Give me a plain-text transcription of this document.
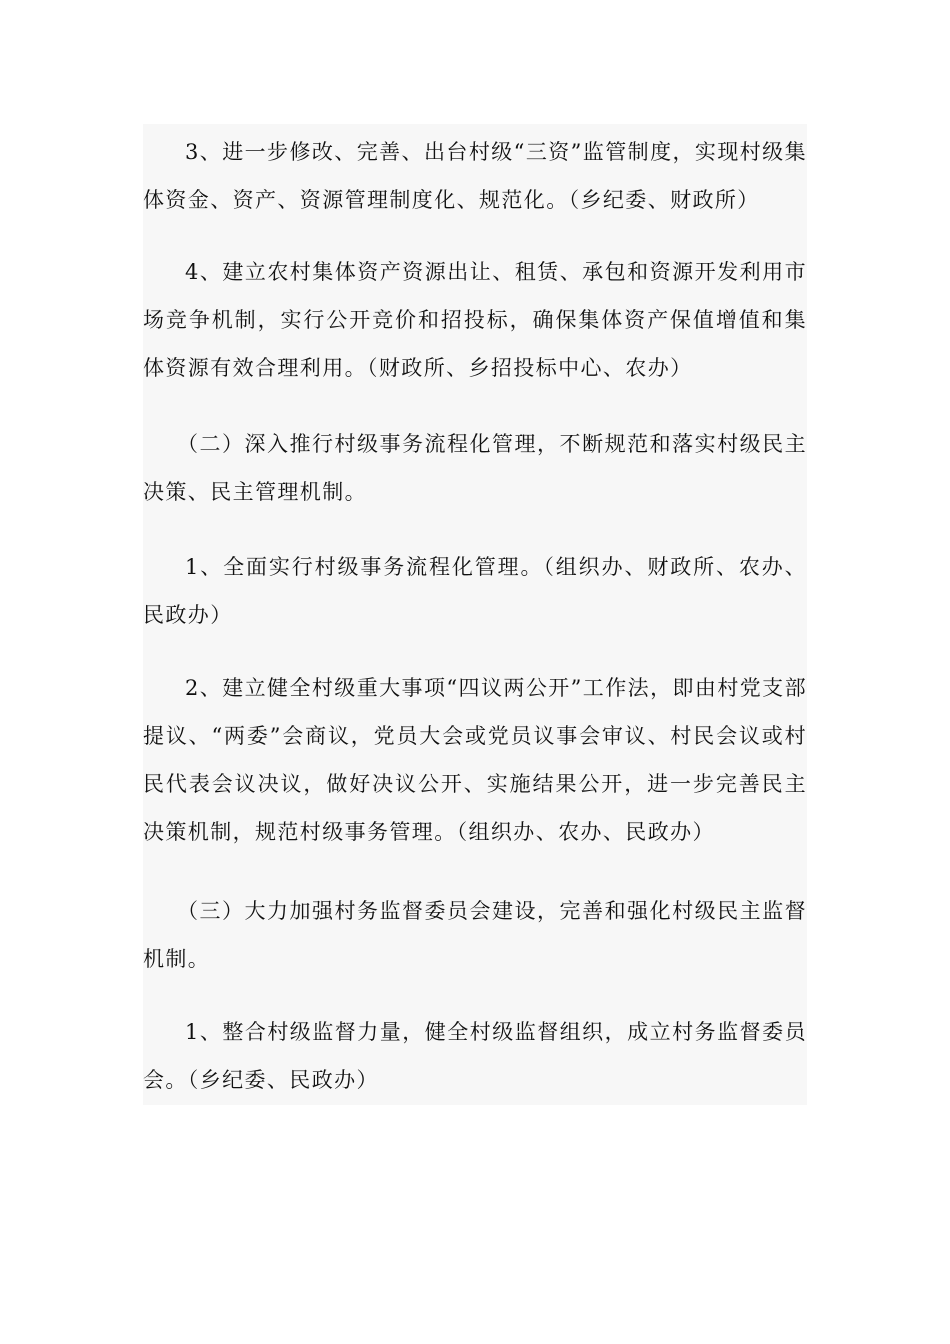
3、进一步修改、完善、出台村级“三资”监管制度，实现村级集体资金、资产、资源管理制度化、规范化。（乡纪委、财政所）

4、建立农村集体资产资源出让、租赁、承包和资源开发利用市场竞争机制，实行公开竞价和招投标，确保集体资产保值增值和集体资源有效合理利用。（财政所、乡招投标中心、农办）

（二）深入推行村级事务流程化管理，不断规范和落实村级民主决策、民主管理机制。

1、全面实行村级事务流程化管理。（组织办、财政所、农办、民政办）

2、建立健全村级重大事项“四议两公开”工作法，即由村党支部提议、“两委”会商议，党员大会或党员议事会审议、村民会议或村民代表会议决议，做好决议公开、实施结果公开，进一步完善民主决策机制，规范村级事务管理。（组织办、农办、民政办）

（三）大力加强村务监督委员会建设，完善和强化村级民主监督机制。

1、整合村级监督力量，健全村级监督组织，成立村务监督委员会。（乡纪委、民政办）
